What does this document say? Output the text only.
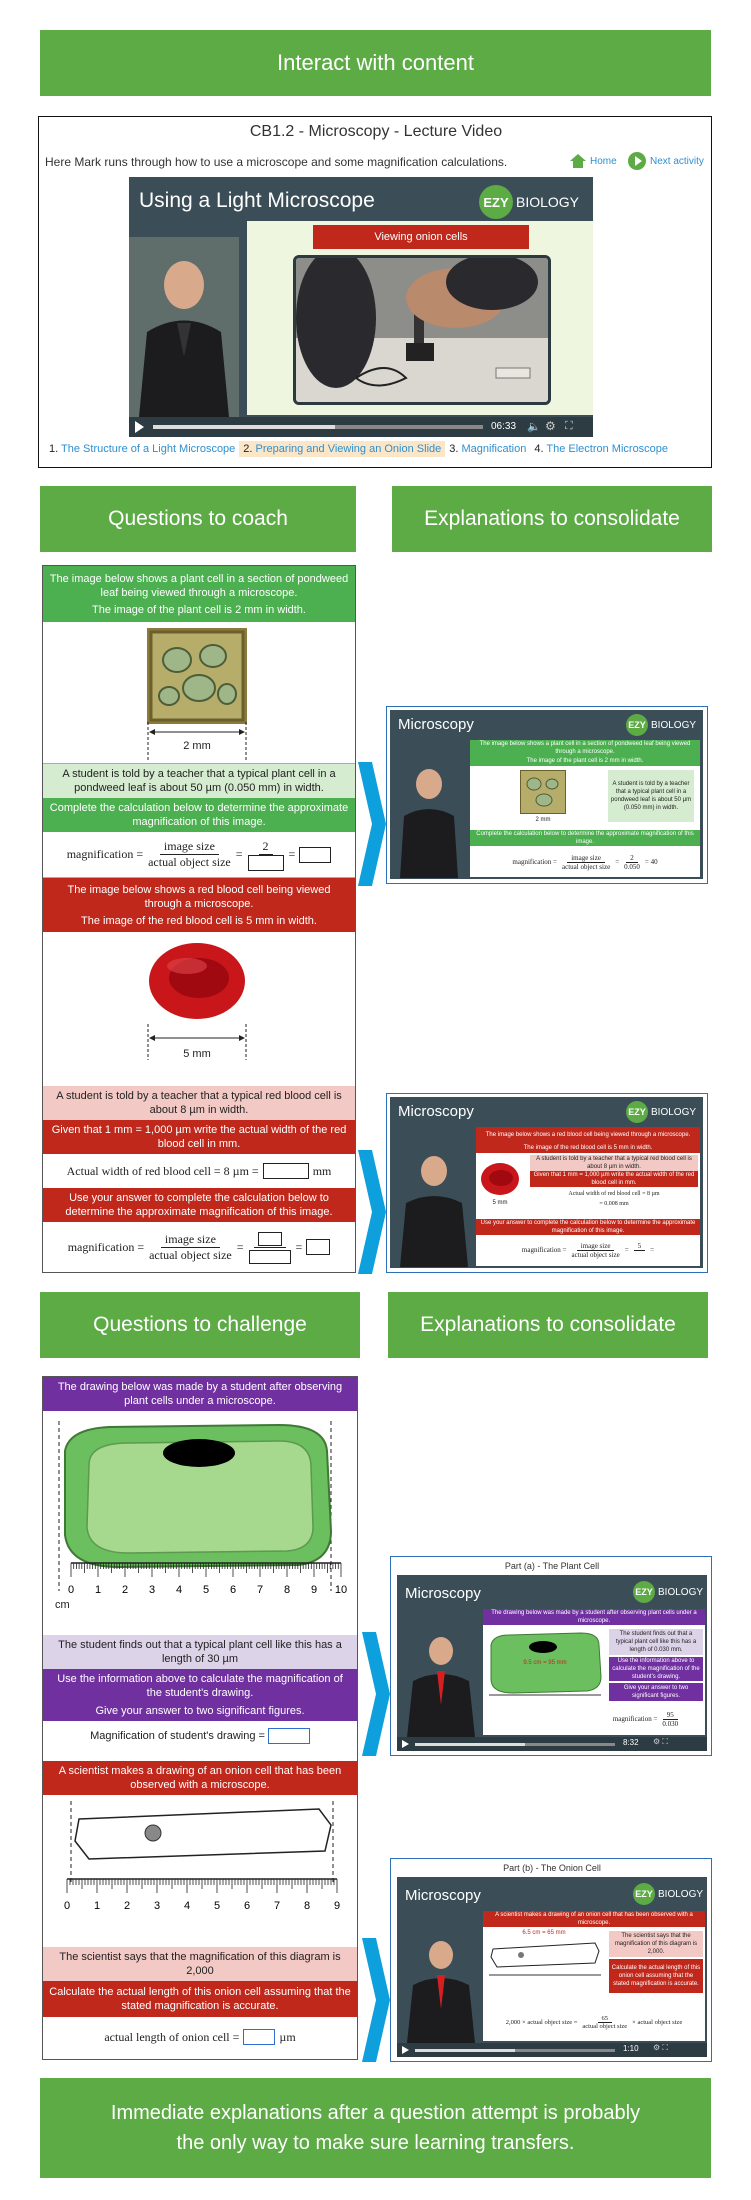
Interact with content
CB1.2 - Microscopy - Lecture Video
Here Mark runs through how to use a microscope and some magnification calculations.	Home	Next activity
Using a Light Microscope	EZY BIOLOGY
Viewing onion cells
06:33 🔈 ⚙ ⛶
1. The Structure of a Light Microscope 2. Preparing and Viewing an Onion Slide 3. Magnification 4. The Electron Microscope
Questions to coach	Explanations to consolidate
The image below shows a plant cell in a section of pondweed leaf being viewed through a microscope.
The image of the plant cell is 2 mm in width.
2 mm
A student is told by a teacher that a typical plant cell in a pondweed leaf is about 50 µm (0.050 mm) in width.
Complete the calculation below to determine the approximate magnification of this image.
magnification = $\frac{\text{image size}}{\text{actual object size}}$ =
2
=
The image below shows a red blood cell being viewed through a microscope.
The image of the red blood cell is 5 mm in width.
5 mm
A student is told by a teacher that a typical red blood cell is about 8 µm in width.
Given that 1 mm = 1,000 µm write the actual width of the red blood cell in mm.
Actual width of red blood cell = 8 µm =	mm
Use your answer to complete the calculation below to determine the approximate magnification of this image.
magnification = $\frac{\text{image size}}{\text{actual object size}}$ =	=
Microscopy	EZY BIOLOGY
The image below shows a plant cell in a section of pondweed leaf being viewed through a microscope.
The image of the plant cell is 2 mm in width.
2 mm
A student is told by a teacher that a typical plant cell in a pondweed leaf is about 50 µm (0.050 mm) in width.
Complete the calculation below to determine the approximate magnification of this image.
magnification = $\frac{\text{image size}}{\text{actual object size}} = \frac{2}{0.050} = 40$
Microscopy	EZY BIOLOGY
The image below shows a red blood cell being viewed through a microscope.
The image of the red blood cell is 5 mm in width.
5 mm
A student is told by a teacher that a typical red blood cell is about 8 µm in width.
Given that 1 mm = 1,000 µm write the actual width of the red blood cell in mm.
Actual width of red blood cell = 8 µm
= 0.008 mm
Use your answer to complete the calculation below to determine the approximate magnification of this image.
magnification = $\frac{\text{image size}}{\text{actual object size}}$ =
5

=
Questions to challenge	Explanations to consolidate
The drawing below was made by a student after observing plant cells under a microscope.
0 1 2 3 4 5 6 7 8 9 10
cm
The student finds out that a typical plant cell like this has a length of 30 µm
Use the information above to calculate the magnification of the student's drawing.
Give your answer to two significant figures.
Magnification of student's drawing =
A scientist makes a drawing of an onion cell that has been observed with a microscope.
0 1 2 3 4 5 6 7 8 9
The scientist says that the magnification of this diagram is 2,000
Calculate the actual length of this onion cell assuming that the stated magnification is accurate.
actual length of onion cell =	µm
Part (a) - The Plant Cell
Microscopy	EZY BIOLOGY
The drawing below was made by a student after observing plant cells under a microscope.
9.5 cm = 95 mm
The student finds out that a typical plant cell like this has a length of 0.030 mm.
Use the information above to calculate the magnification of the student's drawing.
Give your answer to two significant figures.
magnification = $\frac{95}{0.030}$
8:32 ⚙ ⛶
Part (b) - The Onion Cell
Microscopy	EZY BIOLOGY
A scientist makes a drawing of an onion cell that has been observed with a microscope.
6.5 cm = 65 mm	The scientist says that the magnification of this diagram is 2,000.
Calculate the actual length of this onion cell assuming that the stated magnification is accurate.
2,000 × actual object size = $\frac{65}{\text{actual object size}}$ × actual object size
1:10 ⚙ ⛶
Immediate explanations after a question attempt is probably
the only way to make sure learning transfers.
